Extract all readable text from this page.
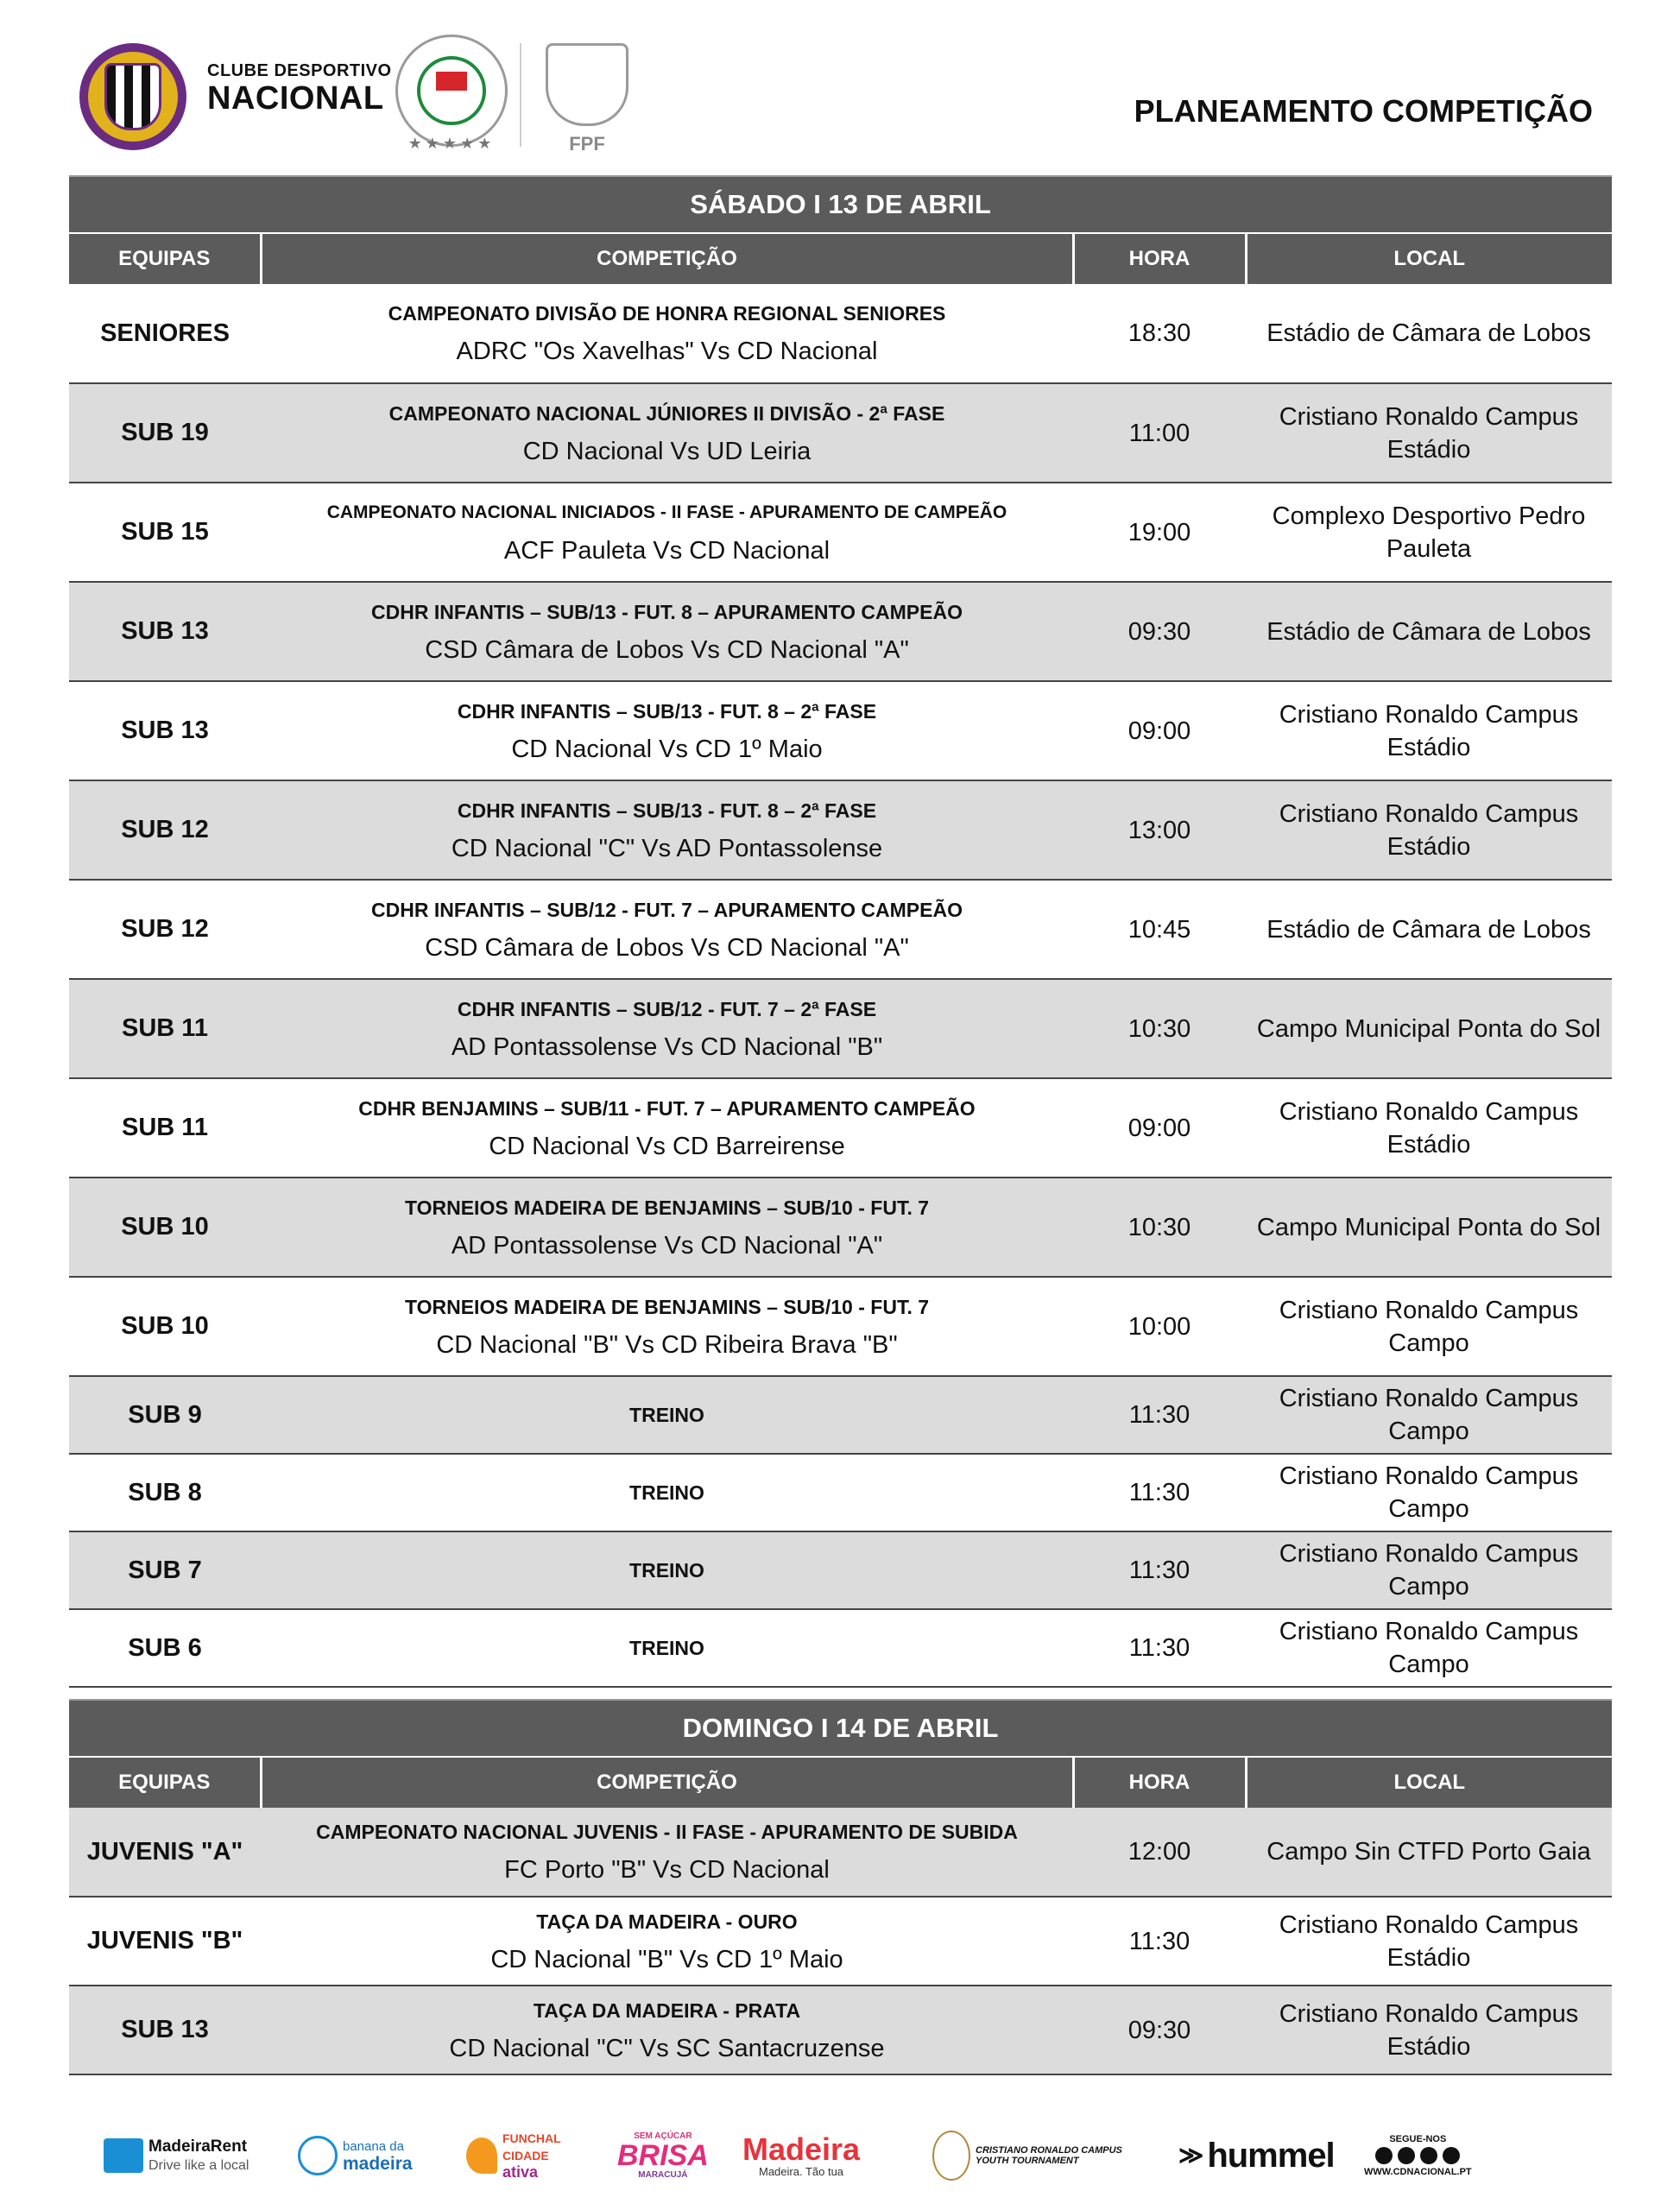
CLUBE DESPORTIVO
NACIONAL
★★★★★	FPF
PLANEAMENTO COMPETIÇÃO
SÁBADO I 13 DE ABRIL			
EQUIPAS	COMPETIÇÃO	HORA	LOCAL
SENIORES	CAMPEONATO DIVISÃO DE HONRA REGIONAL SENIORES
ADRC "Os Xavelhas" Vs CD Nacional	18:30	Estádio de Câmara de Lobos
SUB 19	CAMPEONATO NACIONAL JÚNIORES II DIVISÃO - 2ª FASE
CD Nacional Vs UD Leiria	11:00	Cristiano Ronaldo Campus Estádio
SUB 15	CAMPEONATO NACIONAL INICIADOS - II FASE - APURAMENTO DE CAMPEÃO
ACF Pauleta Vs CD Nacional	19:00	Complexo Desportivo Pedro Pauleta
SUB 13	CDHR INFANTIS – SUB/13 - FUT. 8 – APURAMENTO CAMPEÃO
CSD Câmara de Lobos Vs CD Nacional "A"	09:30	Estádio de Câmara de Lobos
SUB 13	CDHR INFANTIS – SUB/13 - FUT. 8 – 2ª FASE
CD Nacional Vs CD 1º Maio	09:00	Cristiano Ronaldo Campus Estádio
SUB 12	CDHR INFANTIS – SUB/13 - FUT. 8 – 2ª FASE
CD Nacional "C" Vs AD Pontassolense	13:00	Cristiano Ronaldo Campus Estádio
SUB 12	CDHR INFANTIS – SUB/12 - FUT. 7 – APURAMENTO CAMPEÃO
CSD Câmara de Lobos Vs CD Nacional "A"	10:45	Estádio de Câmara de Lobos
SUB 11	CDHR INFANTIS – SUB/12 - FUT. 7 – 2ª FASE
AD Pontassolense Vs CD Nacional "B"	10:30	Campo Municipal Ponta do Sol
SUB 11	CDHR BENJAMINS – SUB/11 - FUT. 7 – APURAMENTO CAMPEÃO
CD Nacional Vs CD Barreirense	09:00	Cristiano Ronaldo Campus Estádio
SUB 10	TORNEIOS MADEIRA DE BENJAMINS – SUB/10 - FUT. 7
AD Pontassolense Vs CD Nacional "A"	10:30	Campo Municipal Ponta do Sol
SUB 10	TORNEIOS MADEIRA DE BENJAMINS – SUB/10 - FUT. 7
CD Nacional "B" Vs CD Ribeira Brava "B"	10:00	Cristiano Ronaldo Campus Campo
SUB 9	TREINO	11:30	Cristiano Ronaldo Campus Campo
SUB 8	TREINO	11:30	Cristiano Ronaldo Campus Campo
SUB 7	TREINO	11:30	Cristiano Ronaldo Campus Campo
SUB 6	TREINO	11:30	Cristiano Ronaldo Campus Campo
DOMINGO I 14 DE ABRIL			
EQUIPAS	COMPETIÇÃO	HORA	LOCAL
JUVENIS "A"	CAMPEONATO NACIONAL JUVENIS - II FASE - APURAMENTO DE SUBIDA
FC Porto "B" Vs CD Nacional	12:00	Campo Sin CTFD Porto Gaia
JUVENIS "B"	TAÇA DA MADEIRA - OURO
CD Nacional "B" Vs CD 1º Maio	11:30	Cristiano Ronaldo Campus Estádio
SUB 13	TAÇA DA MADEIRA - PRATA
CD Nacional "C" Vs SC Santacruzense	09:30	Cristiano Ronaldo Campus Estádio
MadeiraRent
Drive like a local
banana da
madeira
FUNCHAL
CIDADE
ativa
SEM AÇÚCAR
BRISA
MARACUJÁ
Madeira
Madeira. Tão tua
CRISTIANO RONALDO CAMPUS
YOUTH TOURNAMENT	≫ hummel	SEGUE-NOS
WWW.CDNACIONAL.PT
